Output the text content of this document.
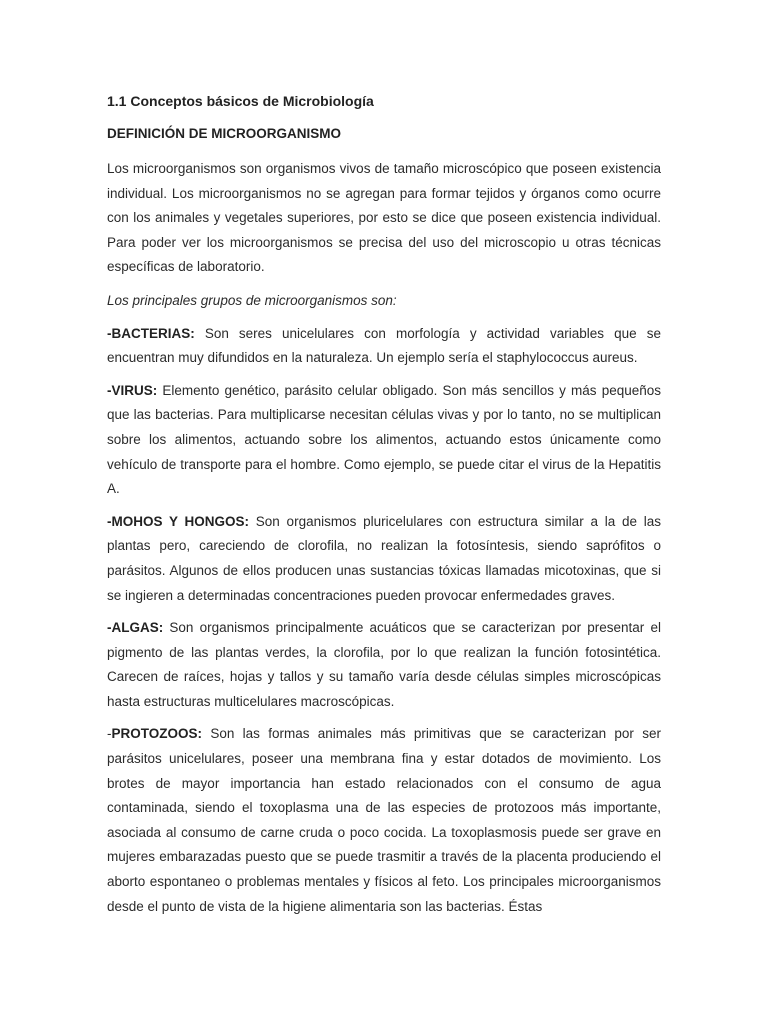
1.1 Conceptos básicos de Microbiología
DEFINICIÓN DE MICROORGANISMO

Los microorganismos son organismos vivos de tamaño microscópico que poseen existencia individual. Los microorganismos no se agregan para formar tejidos y órganos como ocurre con los animales y vegetales superiores, por esto se dice que poseen existencia individual. Para poder ver los microorganismos se precisa del uso del microscopio u otras técnicas específicas de laboratorio.

Los principales grupos de microorganismos son:

-BACTERIAS: Son seres unicelulares con morfología y actividad variables que se encuentran muy difundidos en la naturaleza. Un ejemplo sería el staphylococcus aureus.

-VIRUS: Elemento genético, parásito celular obligado. Son más sencillos y más pequeños que las bacterias. Para multiplicarse necesitan células vivas y por lo tanto, no se multiplican sobre los alimentos, actuando sobre los alimentos, actuando estos únicamente como vehículo de transporte para el hombre. Como ejemplo, se puede citar el virus de la Hepatitis A.

-MOHOS Y HONGOS: Son organismos pluricelulares con estructura similar a la de las plantas pero, careciendo de clorofila, no realizan la fotosíntesis, siendo saprófitos o parásitos. Algunos de ellos producen unas sustancias tóxicas llamadas micotoxinas, que si se ingieren a determinadas concentraciones pueden provocar enfermedades graves.

-ALGAS: Son organismos principalmente acuáticos que se caracterizan por presentar el pigmento de las plantas verdes, la clorofila, por lo que realizan la función fotosintética. Carecen de raíces, hojas y tallos y su tamaño varía desde células simples microscópicas hasta estructuras multicelulares macroscópicas.

-PROTOZOOS: Son las formas animales más primitivas que se caracterizan por ser parásitos unicelulares, poseer una membrana fina y estar dotados de movimiento. Los brotes de mayor importancia han estado relacionados con el consumo de agua contaminada, siendo el toxoplasma una de las especies de protozoos más importante, asociada al consumo de carne cruda o poco cocida. La toxoplasmosis puede ser grave en mujeres embarazadas puesto que se puede trasmitir a través de la placenta produciendo el aborto espontaneo o problemas mentales y físicos al feto. Los principales microorganismos desde el punto de vista de la higiene alimentaria son las bacterias. Éstas
